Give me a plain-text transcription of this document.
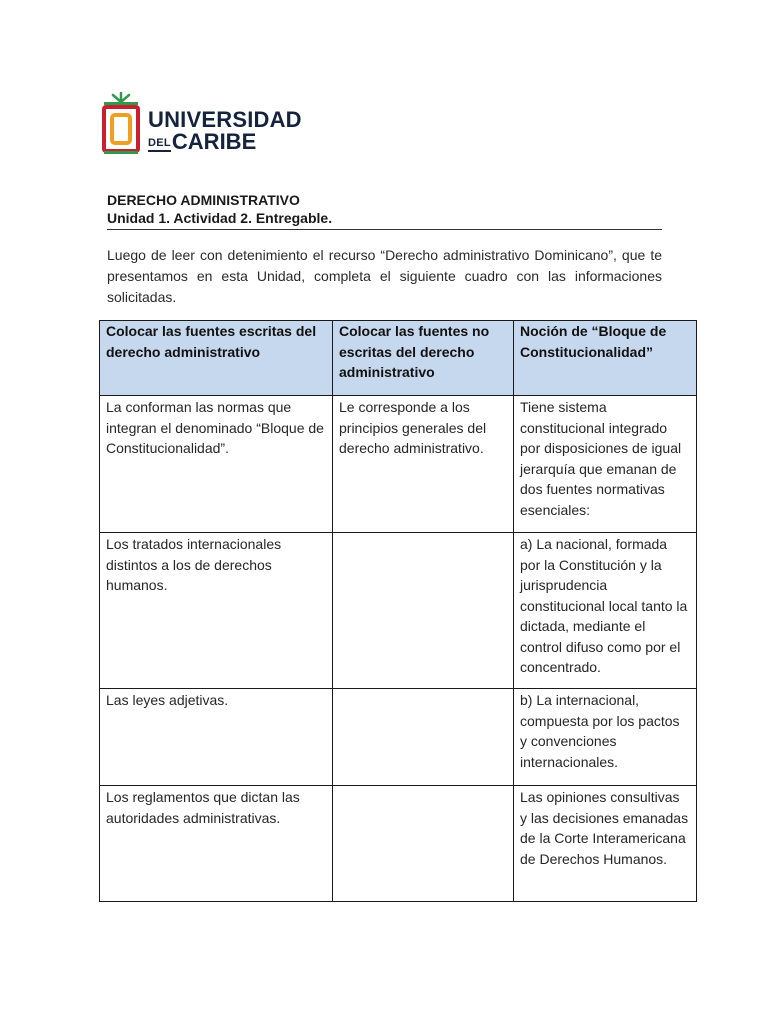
UNIVERSIDAD
DELCARIBE
DERECHO ADMINISTRATIVO
Unidad 1. Actividad 2. Entregable.

Luego de leer con detenimiento el recurso “Derecho administrativo Dominicano”, que te presentamos en esta Unidad, completa el siguiente cuadro con las informaciones solicitadas.

Colocar las fuentes escritas del derecho administrativo	Colocar las fuentes no escritas del derecho administrativo	Noción de “Bloque de Constitucionalidad”
La conforman las normas que integran el denominado “Bloque de Constitucionalidad”.	Le corresponde a los principios generales del derecho administrativo.	Tiene sistema constitucional integrado por disposiciones de igual jerarquía que emanan de dos fuentes normativas esenciales:
Los tratados internacionales distintos a los de derechos humanos.		a) La nacional, formada por la Constitución y la jurisprudencia constitucional local tanto la dictada, mediante el control difuso como por el concentrado.
Las leyes adjetivas.		b) La internacional, compuesta por los pactos y convenciones internacionales.
Los reglamentos que dictan las autoridades administrativas.		Las opiniones consultivas y las decisiones emanadas de la Corte Interamericana de Derechos Humanos.
